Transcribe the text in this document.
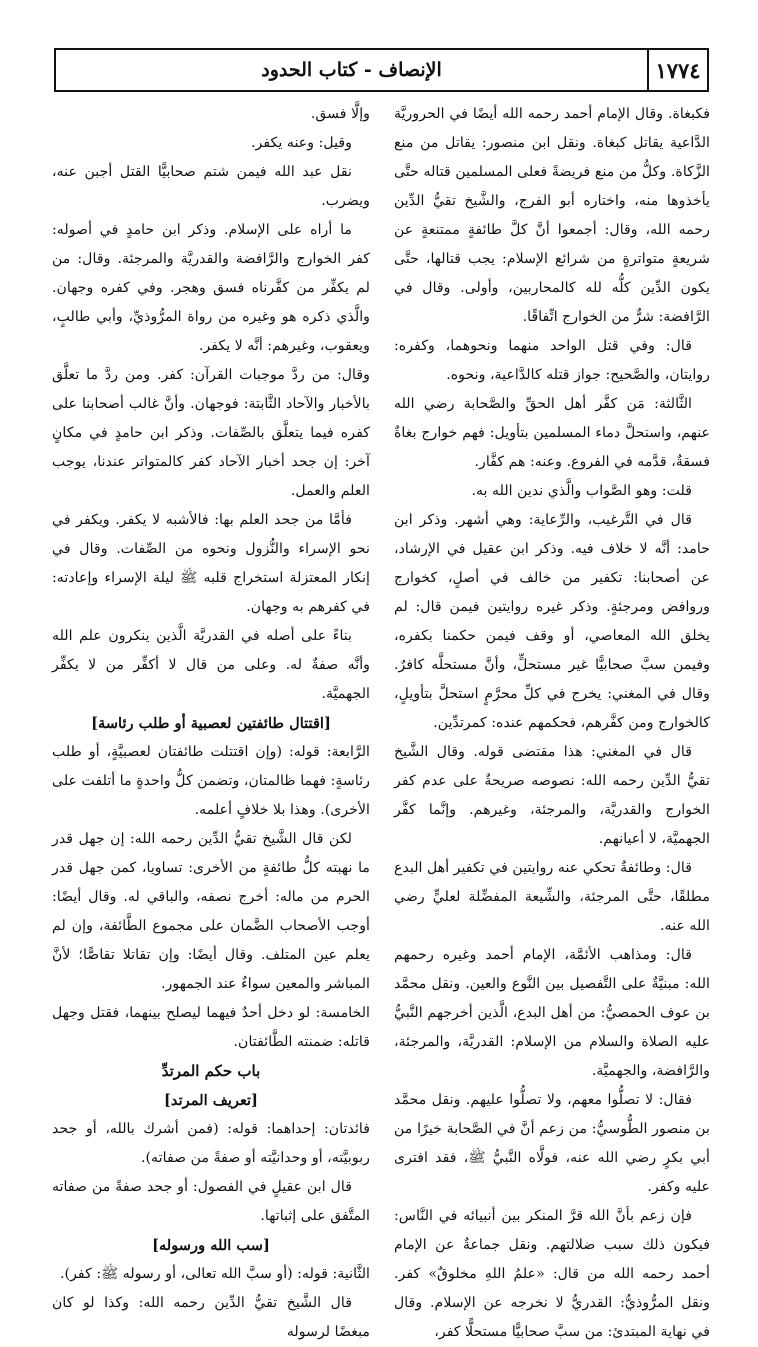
١٧٧٤
الإنصاف - كتاب الحدود

فكبغاة. وقال الإمام أحمد رحمه الله أيضًا في الحروريَّة الدَّاعية يقاتل كبغاة. ونقل ابن منصور: يقاتل من منع الزَّكاة. وكلُّ من منع فريضةً فعلى المسلمين قتاله حتَّى يأخذوها منه، واختاره أبو الفرج، والشَّيخ تقيُّ الدِّين رحمه الله، وقال: أجمعوا أنَّ كلَّ طائفةٍ ممتنعةٍ عن شريعةٍ متواترةٍ من شرائع الإسلام: يجب قتالها، حتَّى يكون الدِّين كلُّه لله كالمحاربين، وأولى. وقال في الرَّافضة: شرٌّ من الخوارج اتِّفاقًا.

قال: وفي قتل الواحد منهما ونحوهما، وكفره: روايتان، والصَّحيح: جواز قتله كالدَّاعية، ونحوه.

الثَّالثة: مَن كفَّر أهل الحقِّ والصَّحابة رضي الله عنهم، واستحلَّ دماء المسلمين بتأويل: فهم خوارج بغاةٌ فسقةٌ، قدَّمه في الفروع. وعنه: هم كفَّار.

قلت: وهو الصَّواب والَّذي ندين الله به.

قال في التَّرغيب، والرِّعاية: وهي أشهر. وذكر ابن حامد: أنَّه لا خلاف فيه. وذكر ابن عقيل في الإرشاد، عن أصحابنا: تكفير من خالف في أصلٍ، كخوارج وروافض ومرجئةٍ. وذكر غيره روايتين فيمن قال: لم يخلق الله المعاصي، أو وقف فيمن حكمنا بكفره، وفيمن سبَّ صحابيًّا غير مستحلٍّ، وأنَّ مستحلَّه كافرٌ. وقال في المغني: يخرج في كلِّ محرَّمٍ استحلَّ بتأويلٍ، كالخوارج ومن كفَّرهم، فحكمهم عنده: كمرتدِّين.

قال في المغني: هذا مقتضى قوله. وقال الشَّيخ تقيُّ الدِّين رحمه الله: نصوصه صريحةٌ على عدم كفر الخوارج والقدريَّة، والمرجئة، وغيرهم. وإنَّما كفَّر الجهميَّة، لا أعيانهم.

قال: وطائفةٌ تحكي عنه روايتين في تكفير أهل البدع مطلقًا، حتَّى المرجئة، والشِّيعة المفضِّلة لعليٍّ رضي الله عنه.

قال: ومذاهب الأئمَّة، الإمام أحمد وغيره رحمهم الله: مبنيَّةٌ على التَّفصيل بين النَّوع والعين. ونقل محمَّد بن عوف الحمصيُّ: من أهل البدع، الَّذين أخرجهم النَّبيُّ عليه الصلاة والسلام من الإسلام: القدريَّة، والمرجئة، والرَّافضة، والجهميَّة.

فقال: لا تصلُّوا معهم، ولا تصلُّوا عليهم. ونقل محمَّد بن منصور الطُّوسيُّ: من زعم أنَّ في الصَّحابة خيرًا من أبي بكرٍ رضي الله عنه، فولَّاه النَّبيُّ ﷺ، فقد افترى عليه وكفر.

فإن زعم بأنَّ الله قرَّ المنكر بين أنبيائه في النَّاس: فيكون ذلك سبب ضلالتهم. ونقل جماعةٌ عن الإمام أحمد رحمه الله من قال: «علمُ اللهِ مخلوقٌ» كفر. ونقل المرُّوذيُّ: القدريُّ لا نخرجه عن الإسلام. وقال في نهاية المبتدئ: من سبَّ صحابيًّا مستحلًّا كفر،

وإلَّا فسق.

وقيل: وعنه يكفر.

نقل عبد الله فيمن شتم صحابيًّا القتل أجبن عنه، ويضرب.

ما أراه على الإسلام. وذكر ابن حامدٍ في أصوله: كفر الخوارج والرَّافضة والقدريَّة والمرجئة. وقال: من لم يكفِّر من كفَّرناه فسق وهجر. وفي كفره وجهان. والَّذي ذكره هو وغيره من رواة المرُّوذيِّ، وأبي طالبٍ، ويعقوب، وغيرهم: أنَّه لا يكفر.

وقال: من ردَّ موجبات القرآن: كفر. ومن ردَّ ما تعلَّق بالأخبار والآحاد الثَّابتة: فوجهان. وأنَّ غالب أصحابنا على كفره فيما يتعلَّق بالصِّفات. وذكر ابن حامدٍ في مكانٍ آخر: إن جحد أخبار الآحاد كفر كالمتواتر عندنا، يوجب العلم والعمل.

فأمَّا من جحد العلم بها: فالأشبه لا يكفر. ويكفر في نحو الإسراء والنُّزول ونحوه من الصِّفات. وقال في إنكار المعتزلة استخراج قلبه ﷺ ليلة الإسراء وإعادته: في كفرهم به وجهان.

بناءً على أصله في القدريَّة الَّذين ينكرون علم الله وأنَّه صفةٌ له. وعلى من قال لا أكفِّر من لا يكفِّر الجهميَّة.

[اقتتال طائفتين لعصبية أو طلب رئاسة]

الرَّابعة: قوله: (وإن اقتتلت طائفتان لعصبيَّةٍ، أو طلب رئاسةٍ: فهما ظالمتان، وتضمن كلُّ واحدةٍ ما أتلفت على الأخرى). وهذا بلا خلافٍ أعلمه.

لكن قال الشَّيخ تقيُّ الدِّين رحمه الله: إن جهل قدر ما نهبته كلُّ طائفةٍ من الأخرى: تساويا، كمن جهل قدر الحرم من ماله: أخرج نصفه، والباقي له. وقال أيضًا: أوجب الأصحاب الضَّمان على مجموع الطَّائفة، وإن لم يعلم عين المتلف. وقال أيضًا: وإن تقاتلا تقاصًّا؛ لأنَّ المباشر والمعين سواءٌ عند الجمهور.

الخامسة: لو دخل أحدٌ فيهما ليصلح بينهما، فقتل وجهل قاتله: ضمنته الطَّائفتان.

باب حكم المرتدِّ
[تعريف المرتد]

فائدتان: إحداهما: قوله: (فمن أشرك بالله، أو جحد ربوبيَّته، أو وحدانيَّته أو صفةً من صفاته).

قال ابن عقيلٍ في الفصول: أو جحد صفةً من صفاته المتَّفق على إثباتها.

[سب الله ورسوله]

الثَّانية: قوله: (أو سبَّ الله تعالى، أو رسوله ﷺ: كفر).

قال الشَّيخ تقيُّ الدِّين رحمه الله: وكذا لو كان مبغضًا لرسوله
